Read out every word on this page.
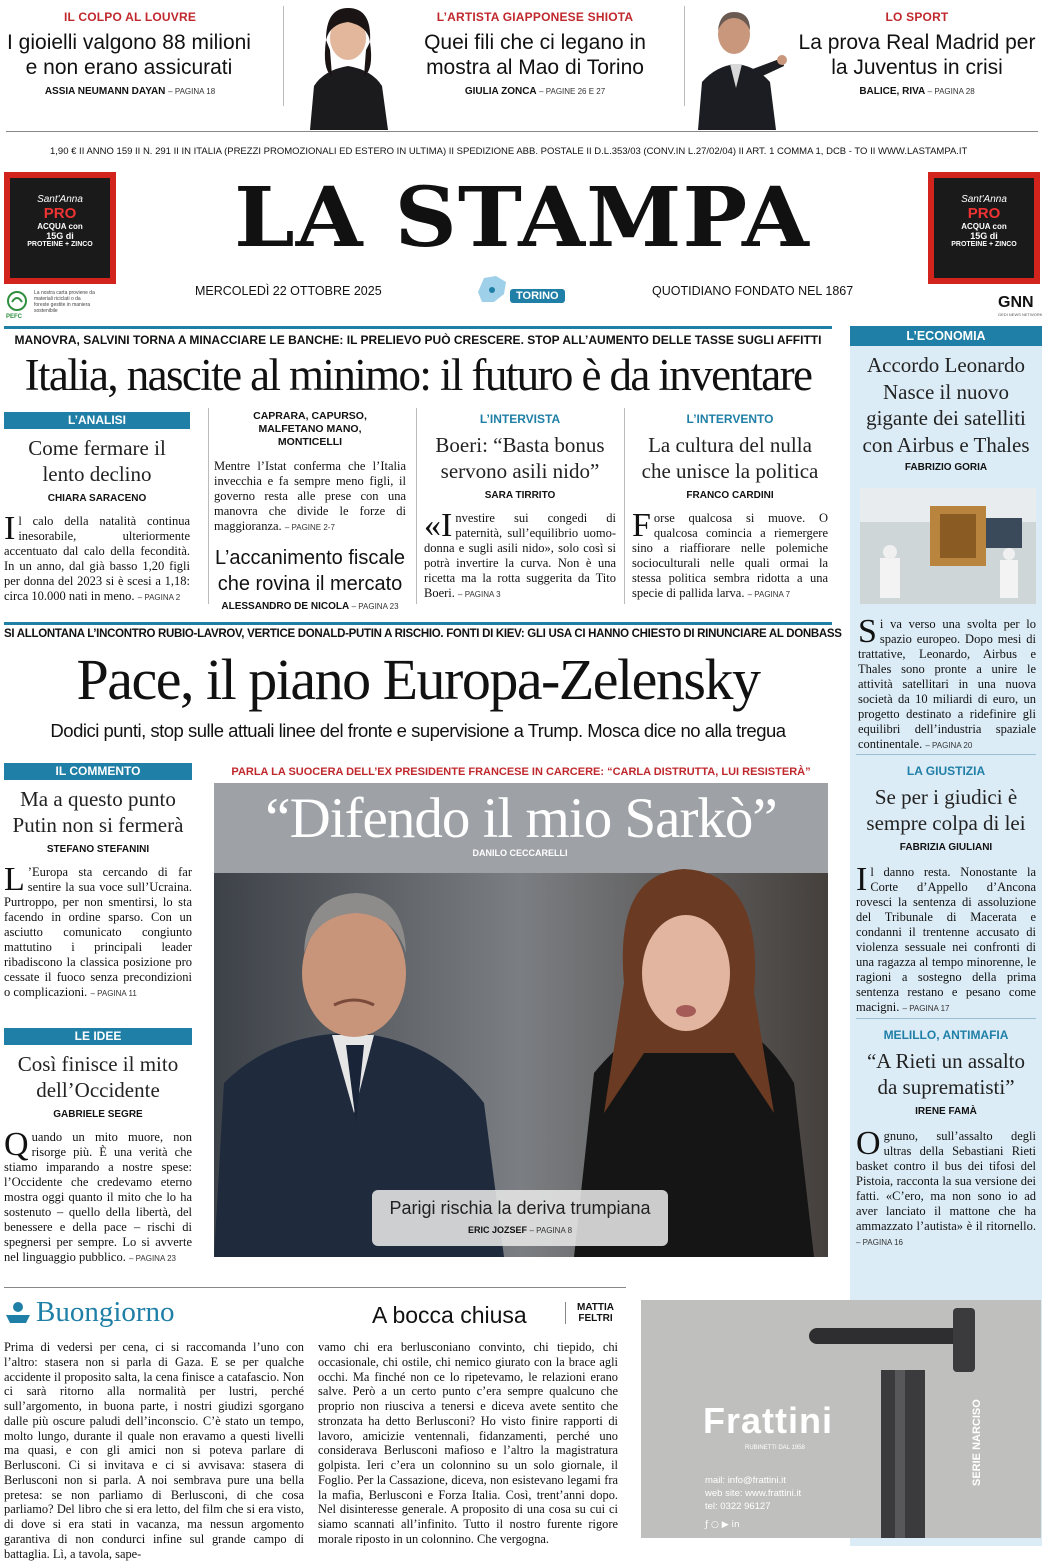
IL COLPO AL LOUVRE
I gioielli valgono 88 milioni e non erano assicurati
ASSIA NEUMANN DAYAN – PAGINA 18
L’ARTISTA GIAPPONESE SHIOTA
Quei fili che ci legano in mostra al Mao di Torino
GIULIA ZONCA – PAGINE 26 E 27
LO SPORT
La prova Real Madrid per la Juventus in crisi
BALICE, RIVA – PAGINA 28
1,90 € II ANNO 159 II N. 291 II IN ITALIA (PREZZI PROMOZIONALI ED ESTERO IN ULTIMA) II SPEDIZIONE ABB. POSTALE II D.L.353/03 (CONV.IN L.27/02/04) II ART. 1 COMMA 1, DCB - TO II WWW.LASTAMPA.IT
Sant'Anna
PRO
ACQUA con
15G di
PROTEINE + ZINCO
Sant'Anna
PRO
ACQUA con
15G di
PROTEINE + ZINCO
LA STAMPA
PEFC
La nostra carta proviene da materiali riciclati o da foreste gestite in maniera sostenibile
MERCOLEDÌ 22 OTTOBRE 2025	TORINO	QUOTIDIANO FONDATO NEL 1867
GNN
GEDI NEWS NETWORK
MANOVRA, SALVINI TORNA A MINACCIARE LE BANCHE: IL PRELIEVO PUÒ CRESCERE. STOP ALL’AUMENTO DELLE TASSE SUGLI AFFITTI
Italia, nascite al minimo: il futuro è da inventare
L’ANALISI
Come fermare il lento declino
CHIARA SARACENO
Il calo della natalità continua inesorabile, ulteriormente accentuato dal calo della fecondità. In un anno, dal già basso 1,20 figli per donna del 2023 si è scesi a 1,18: circa 10.000 nati in meno. – PAGINA 2
CAPRARA, CAPURSO, MALFETANO MANO, MONTICELLI
Mentre l’Istat conferma che l’Italia invecchia e fa sempre meno figli, il governo resta alle prese con una manovra che divide le forze di maggioranza. – PAGINE 2-7
L’accanimento fiscale che rovina il mercato
ALESSANDRO DE NICOLA – PAGINA 23
L’INTERVISTA
Boeri: “Basta bonus servono asili nido”
SARA TIRRITO
«Investire sui congedi di paternità, sull’equilibrio uomo-donna e sugli asili nido», solo così si potrà invertire la curva. Non è una ricetta ma la rotta suggerita da Tito Boeri. – PAGINA 3
L’INTERVENTO
La cultura del nulla che unisce la politica
FRANCO CARDINI
Forse qualcosa si muove. O qualcosa comincia a riemergere sino a riaffiorare nelle polemiche socioculturali nelle quali ormai la stessa politica sembra ridotta a una specie di pallida larva. – PAGINA 7
L’ECONOMIA
Accordo Leonardo Nasce il nuovo gigante dei satelliti con Airbus e Thales
FABRIZIO GORIA
Si va verso una svolta per lo spazio europeo. Dopo mesi di trattative, Leonardo, Airbus e Thales sono pronte a unire le attività satellitari in una nuova società da 10 miliardi di euro, un progetto destinato a ridefinire gli equilibri dell’industria spaziale continentale. – PAGINA 20
LA GIUSTIZIA
Se per i giudici è sempre colpa di lei
FABRIZIA GIULIANI
Il danno resta. Nonostante la Corte d’Appello d’Ancona rovesci la sentenza di assoluzione del Tribunale di Macerata e condanni il trentenne accusato di violenza sessuale nei confronti di una ragazza al tempo minorenne, le ragioni a sostegno della prima sentenza restano e pesano come macigni. – PAGINA 17
MELILLO, ANTIMAFIA
“A Rieti un assalto da suprematisti”
IRENE FAMÀ
Ognuno, sull’assalto degli ultras della Sebastiani Rieti basket contro il bus dei tifosi del Pistoia, racconta la sua versione dei fatti. «C’ero, ma non sono io ad aver lanciato il mattone che ha ammazzato l’autista» è il ritornello. – PAGINA 16
SI ALLONTANA L’INCONTRO RUBIO-LAVROV, VERTICE DONALD-PUTIN A RISCHIO. FONTI DI KIEV: GLI USA CI HANNO CHIESTO DI RINUNCIARE AL DONBASS
Pace, il piano Europa-Zelensky
Dodici punti, stop sulle attuali linee del fronte e supervisione a Trump. Mosca dice no alla tregua
IL COMMENTO
Ma a questo punto Putin non si fermerà
STEFANO STEFANINI
L ’Europa sta cercando di far sentire la sua voce sull’Ucraina. Purtroppo, per non smentirsi, lo sta facendo in ordine sparso. Con un asciutto comunicato congiunto mattutino i principali leader ribadiscono la classica posizione pro cessate il fuoco senza precondizioni o complicazioni. – PAGINA 11
LE IDEE
Così finisce il mito dell’Occidente
GABRIELE SEGRE
Quando un mito muore, non risorge più. È una verità che stiamo imparando a nostre spese: l’Occidente che credevamo eterno mostra oggi quanto il mito che lo ha sostenuto – quello della libertà, del benessere e della pace – rischi di spegnersi per sempre. Lo si avverte nel linguaggio pubblico. – PAGINA 23
PARLA LA SUOCERA DELL’EX PRESIDENTE FRANCESE IN CARCERE: “CARLA DISTRUTTA, LUI RESISTERÀ”
“Difendo il mio Sarkò”
DANILO CECCARELLI
Parigi rischia la deriva trumpiana
ERIC JOZSEF – PAGINA 8
Buongiorno	A bocca chiusa	MATTIA FELTRI
Prima di vedersi per cena, ci si raccomanda l’uno con l’altro: stasera non si parla di Gaza. E se per qualche accidente il proposito salta, la cena finisce a catafascio. Non ci sarà ritorno alla normalità per lustri, perché sull’argomento, in buona parte, i nostri giudizi sgorgano dalle più oscure paludi dell’inconscio. C’è stato un tempo, molto lungo, durante il quale non eravamo a questi livelli ma quasi, e con gli amici non si poteva parlare di Berlusconi. Ci si invitava e ci si avvisava: stasera di Berlusconi non si parla. A noi sembrava pure una bella pretesa: se non parliamo di Berlusconi, di che cosa parliamo? Del libro che si era letto, del film che si era visto, di dove si era stati in vacanza, ma nessun argomento garantiva di non condurci infine sul grande campo di battaglia. Lì, a tavola, sape-
vamo chi era berlusconiano convinto, chi tiepido, chi occasionale, chi ostile, chi nemico giurato con la brace agli occhi. Ma finché non ce lo ripetevamo, le relazioni erano salve. Però a un certo punto c’era sempre qualcuno che proprio non riusciva a tenersi e diceva avete sentito che stronzata ha detto Berlusconi? Ho visto finire rapporti di lavoro, amicizie ventennali, fidanzamenti, perché uno considerava Berlusconi mafioso e l’altro la magistratura golpista. Ieri c’era un colonnino su un solo giornale, il Foglio. Per la Cassazione, diceva, non esistevano legami fra la mafia, Berlusconi e Forza Italia. Così, trent’anni dopo. Nel disinteresse generale. A proposito di una cosa su cui ci siamo scannati all’infinito. Tutto il nostro furente rigore morale riposto in un colonnino. Che vergogna.
Frattini
RUBINETTI DAL 1958
mail: info@frattini.it
web site: www.frattini.it
tel: 0322 96127
ƒ ○ ▶ in
SERIE NARCISO
